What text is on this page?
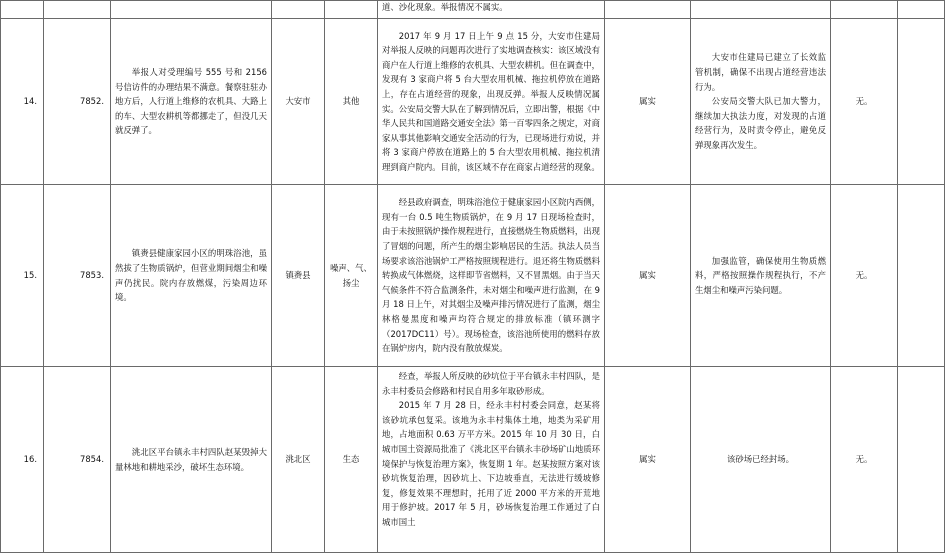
					道、沙化现象。举报情况不属实。				
14.	7852.	举报人对受理编号 555 号和 2156 号信访件的办理结果不满意。餐察驻驻办地方后，人行道上维修的农机具、大路上的车、大型农耕机等都挪走了，但没几天就反弹了。	大安市	其他	2017 年 9 月 17 日上午 9 点 15 分，大安市住建局对举报人反映的问题再次进行了实地调查核实：该区域没有商户在人行道上维修的农机具、大型农耕机。但在调查中，发现有 3 家商户将 5 台大型农用机械、拖拉机停放在道路上，存在占道经营的现象，出现反弹。举报人反映情况属实。公安局交警大队在了解到情况后，立即出警，根据《中华人民共和国道路交通安全法》第一百零四条之规定，对商家从事其他影响交通安全活动的行为，已现场进行劝说，并将 3 家商户停放在道路上的 5 台大型农用机械、拖拉机清理到商户院内。目前，该区域不存在商家占道经营的现象。	属实	大安市住建局已建立了长效监管机制，确保不出现占道经营违法行为。

公安局交警大队已加大警力，继续加大执法力度，对发现的占道经营行为，及时责令停止，避免反弹现象再次发生。	无。	
15.	7853.	镇赉县健康家园小区的明珠浴池，虽然拔了生物质锅炉，但营业期间烟尘和噪声仍扰民。院内存放燃煤，污染周边环境。	镇赉县	噪声、气、扬尘	经县政府调查，明珠浴池位于健康家园小区院内西侧，现有一台 0.5 吨生物质锅炉，在 9 月 17 日现场检查时，由于未按照锅炉操作规程进行，直接燃烧生物质燃料，出现了冒烟的问题，所产生的烟尘影响居民的生活。执法人员当场要求该浴池锅炉工严格按照规程进行。退还将生物质燃料转换成气体燃烧，这样即节省燃料，又不冒黑烟。由于当天气候条件不符合监测条件，未对烟尘和噪声进行监测，在 9 月 18 日上午，对其烟尘及噪声排污情况进行了监测，烟尘林格曼黑度和噪声均符合规定的排放标准（镇环测字（2017DC11）号）。现场检查，该浴池所使用的燃料存放在锅炉房内，院内没有散放煤炭。	属实	加强监管，确保使用生物质燃料，严格按照操作规程执行，不产生烟尘和噪声污染问题。	无。	
16.	7854.	洮北区平台镇永丰村四队赵某毁掉大量林地和耕地采沙，破坏生态环境。	洮北区	生态	经查，举报人所反映的砂坑位于平台镇永丰村四队，是永丰村委员会修路和村民自用多年取砂形成。

2015 年 7 月 28 日，经永丰村村委会同意，赵某将该砂坑承包复采。该地为永丰村集体土地，地类为采矿用地，占地面积 0.63 万平方米。2015 年 10 月 30 日，白城市国土资源局批准了《洮北区平台镇永丰砂场矿山地质环境保护与恢复治理方案》，恢复期 1 年。赵某按照方案对该砂坑恢复治理，因砂坑上、下边坡垂直，无法进行缓坡修复，修复效果不理想时，托用了近 2000 平方米的开荒地用于修护坡。2017 年 5 月，砂场恢复治理工作通过了白城市国土	属实	该砂场已经封场。	无。	
